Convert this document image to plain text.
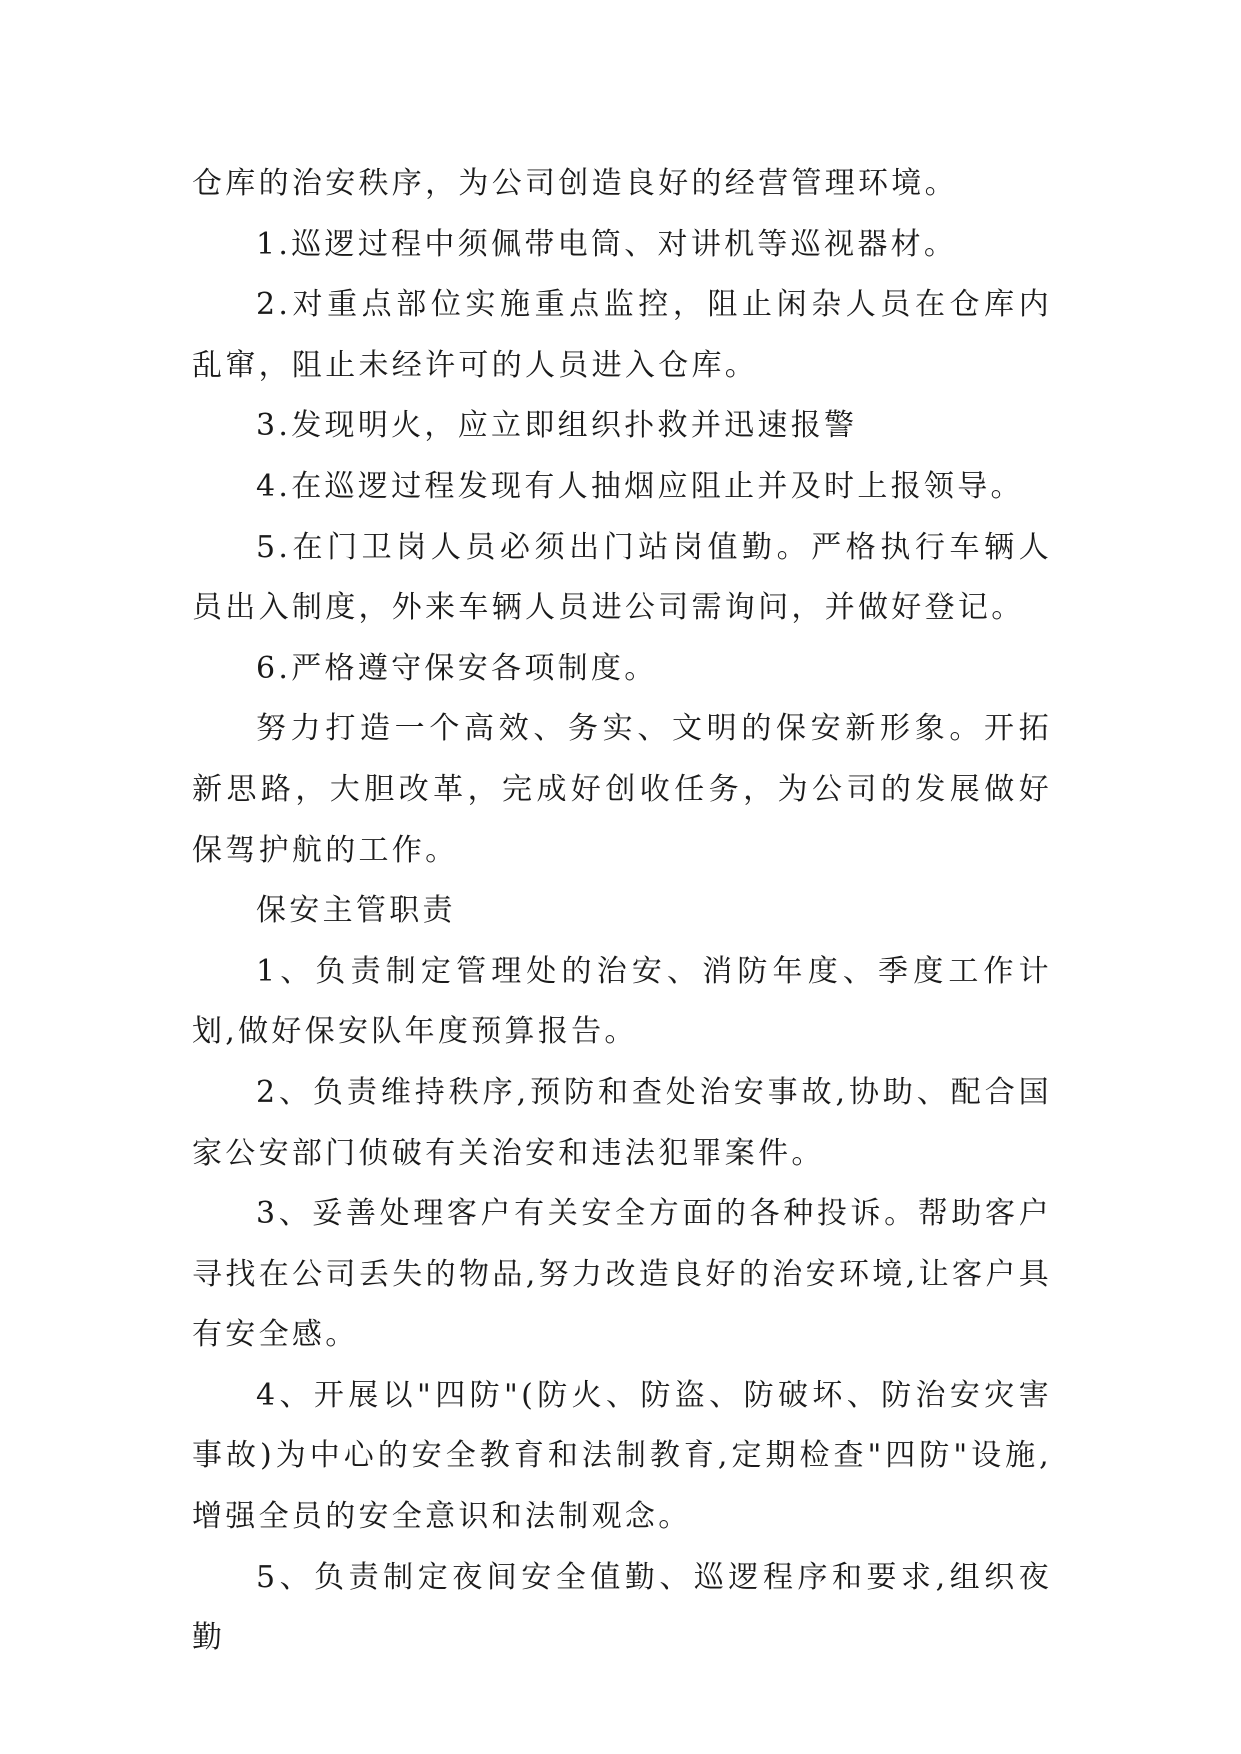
仓库的治安秩序，为公司创造良好的经营管理环境。

1.巡逻过程中须佩带电筒、对讲机等巡视器材。

2.对重点部位实施重点监控，阻止闲杂人员在仓库内乱窜，阻止未经许可的人员进入仓库。

3.发现明火，应立即组织扑救并迅速报警

4.在巡逻过程发现有人抽烟应阻止并及时上报领导。

5.在门卫岗人员必须出门站岗值勤。严格执行车辆人员出入制度，外来车辆人员进公司需询问，并做好登记。

6.严格遵守保安各项制度。

努力打造一个高效、务实、文明的保安新形象。开拓新思路，大胆改革，完成好创收任务，为公司的发展做好保驾护航的工作。

保安主管职责

1、负责制定管理处的治安、消防年度、季度工作计划,做好保安队年度预算报告。

2、负责维持秩序,预防和查处治安事故,协助、配合国家公安部门侦破有关治安和违法犯罪案件。

3、妥善处理客户有关安全方面的各种投诉。帮助客户寻找在公司丢失的物品,努力改造良好的治安环境,让客户具有安全感。

4、开展以"四防"(防火、防盗、防破坏、防治安灾害事故)为中心的安全教育和法制教育,定期检查"四防"设施,增强全员的安全意识和法制观念。

5、负责制定夜间安全值勤、巡逻程序和要求,组织夜勤
